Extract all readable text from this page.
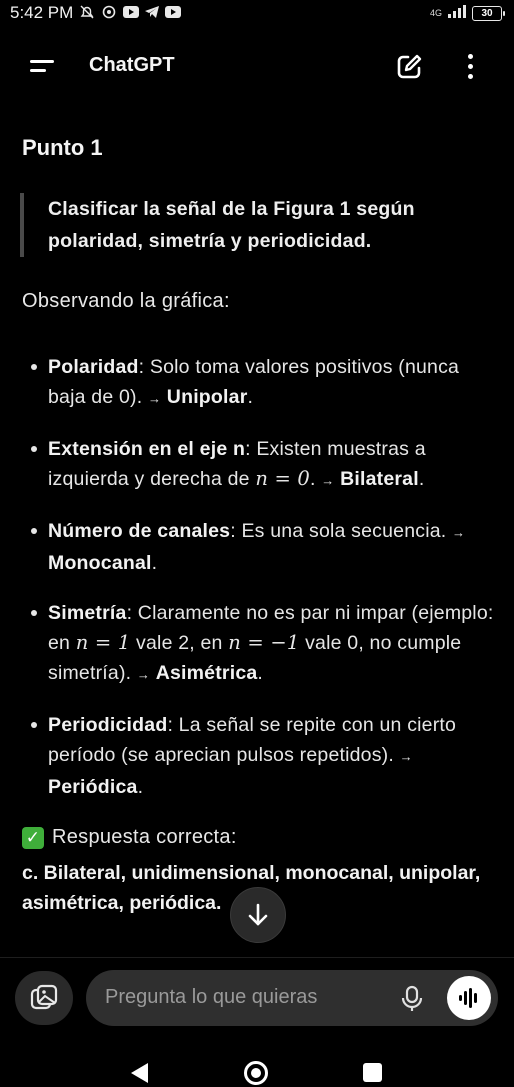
5:42 PM	4G	30
ChatGPT
Punto 1
Clasificar la señal de la Figura 1 según polaridad, simetría y periodicidad.
Observando la gráfica:
Polaridad: Solo toma valores positivos (nunca baja de 0). → Unipolar.
Extensión en el eje n: Existen muestras a izquierda y derecha de n = 0. → Bilateral.
Número de canales: Es una sola secuencia. → Monocanal.
Simetría: Claramente no es par ni impar (ejemplo: en n = 1 vale 2, en n = −1 vale 0, no cumple simetría). → Asimétrica.
Periodicidad: La señal se repite con un cierto período (se aprecian pulsos repetidos). → Periódica.
✓ Respuesta correcta:
c. Bilateral, unidimensional, monocanal, unipolar, asimétrica, periódica.
Pregunta lo que quieras
